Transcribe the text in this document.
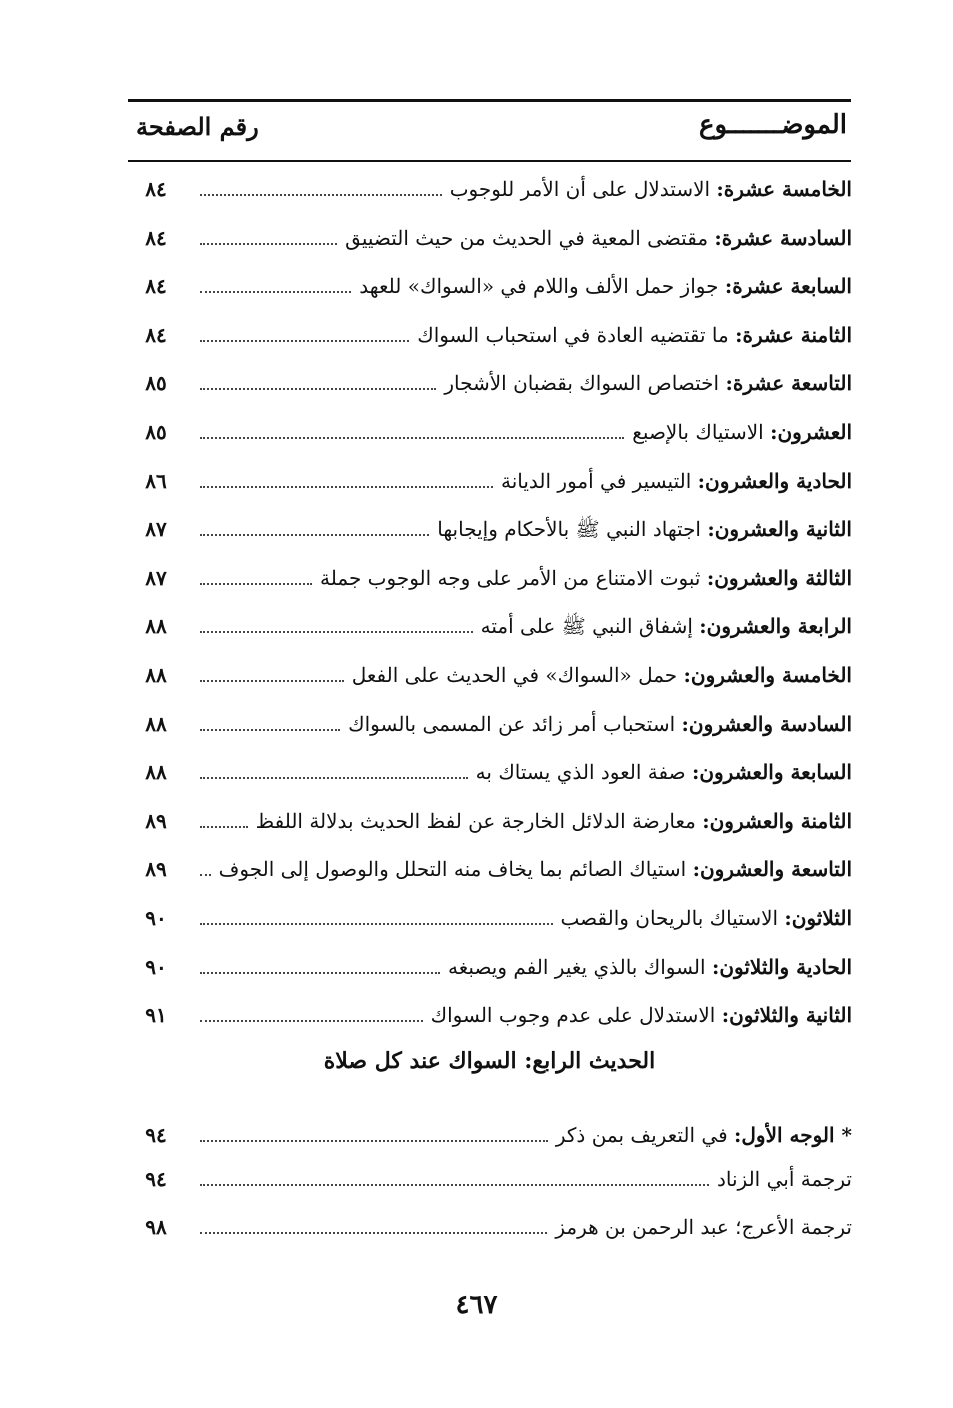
الموضـــــــوع
رقم الصفحة
الخامسة عشرة: الاستدلال على أن الأمر للوجوب
٨٤
السادسة عشرة: مقتضى المعية في الحديث من حيث التضييق
٨٤
السابعة عشرة: جواز حمل الألف واللام في «السواك» للعهد
٨٤
الثامنة عشرة: ما تقتضيه العادة في استحباب السواك
٨٤
التاسعة عشرة: اختصاص السواك بقضبان الأشجار
٨٥
العشرون: الاستياك بالإصبع
٨٥
الحادية والعشرون: التيسير في أمور الديانة
٨٦
الثانية والعشرون: اجتهاد النبي ﷺ بالأحكام وإيجابها
٨٧
الثالثة والعشرون: ثبوت الامتناع من الأمر على وجه الوجوب جملة
٨٧
الرابعة والعشرون: إشفاق النبي ﷺ على أمته
٨٨
الخامسة والعشرون: حمل «السواك» في الحديث على الفعل
٨٨
السادسة والعشرون: استحباب أمر زائد عن المسمى بالسواك
٨٨
السابعة والعشرون: صفة العود الذي يستاك به
٨٨
الثامنة والعشرون: معارضة الدلائل الخارجة عن لفظ الحديث بدلالة اللفظ
٨٩
التاسعة والعشرون: استياك الصائم بما يخاف منه التحلل والوصول إلى الجوف
٨٩
الثلاثون: الاستياك بالريحان والقصب
٩٠
الحادية والثلاثون: السواك بالذي يغير الفم ويصبغه
٩٠
الثانية والثلاثون: الاستدلال على عدم وجوب السواك
٩١
* الوجه الأول: في التعريف بمن ذكر
٩٤
ترجمة أبي الزناد
٩٤
ترجمة الأعرج؛ عبد الرحمن بن هرمز
٩٨
الحديث الرابع: السواك عند كل صلاة
٤٦٧
